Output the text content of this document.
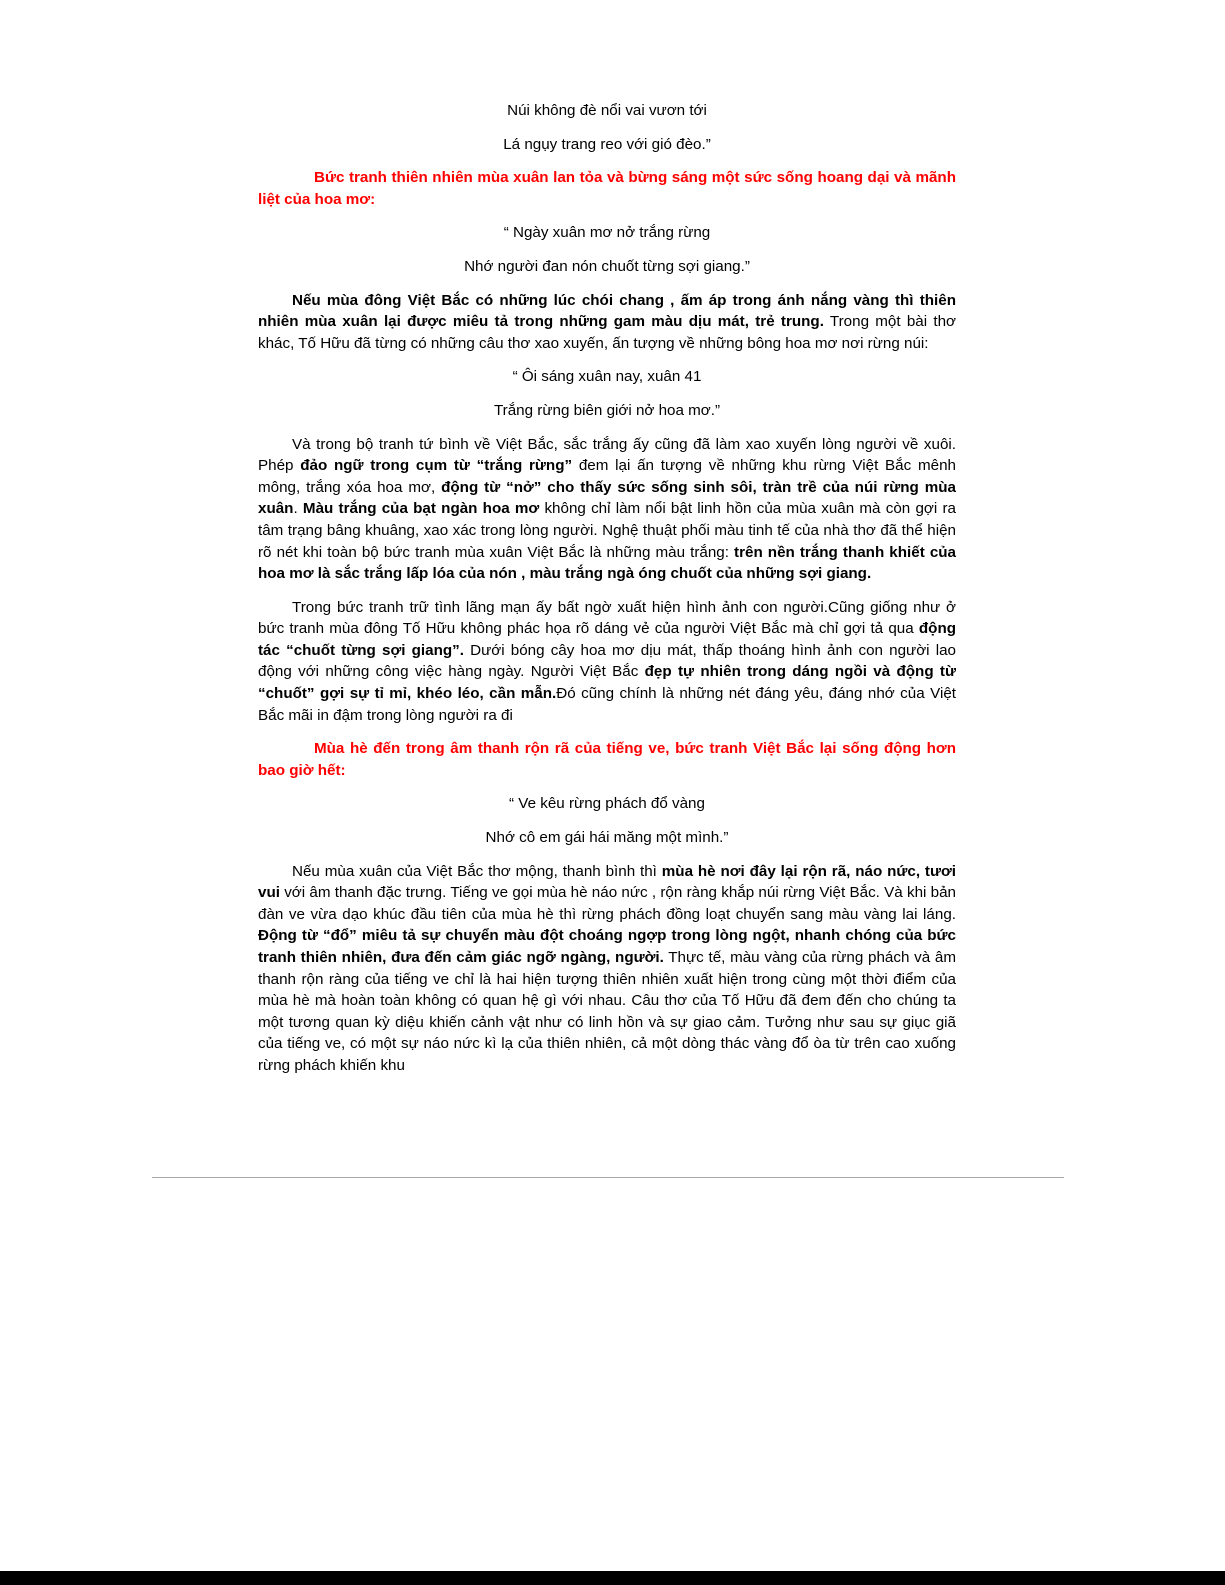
Núi không đè nổi vai vươn tới

Lá ngụy trang reo với gió đèo.”

Bức tranh thiên nhiên mùa xuân lan tỏa và bừng sáng một sức sống hoang dại và mãnh liệt của hoa mơ:

“ Ngày xuân mơ nở trắng rừng

Nhớ người đan nón chuốt từng sợi giang.”

Nếu mùa đông Việt Bắc có những lúc chói chang , ấm áp trong ánh nắng vàng thì thiên nhiên mùa xuân lại được miêu tả trong những gam màu dịu mát, trẻ trung. Trong một bài thơ khác, Tố Hữu đã từng có những câu thơ xao xuyến, ấn tượng về những bông hoa mơ nơi rừng núi:

“ Ôi sáng xuân nay, xuân 41

Trắng rừng biên giới nở hoa mơ.”

Và trong bộ tranh tứ bình về Việt Bắc, sắc trắng ấy cũng đã làm xao xuyến lòng người về xuôi. Phép đảo ngữ trong cụm từ “trắng rừng” đem lại ấn tượng về những khu rừng Việt Bắc mênh mông, trắng xóa hoa mơ, động từ “nở” cho thấy sức sống sinh sôi, tràn trề của núi rừng mùa xuân. Màu trắng của bạt ngàn hoa mơ không chỉ làm nổi bật linh hồn của mùa xuân mà còn gợi ra tâm trạng bâng khuâng, xao xác trong lòng người. Nghệ thuật phối màu tinh tế của nhà thơ đã thể hiện rõ nét khi toàn bộ bức tranh mùa xuân Việt Bắc là những màu trắng: trên nền trắng thanh khiết của hoa mơ là sắc trắng lấp lóa của nón , màu trắng ngà óng chuốt của những sợi giang.

Trong bức tranh trữ tình lãng mạn ấy bất ngờ xuất hiện hình ảnh con người.Cũng giống như ở bức tranh mùa đông Tố Hữu không phác họa rõ dáng vẻ của người Việt Bắc mà chỉ gợi tả qua động tác “chuốt từng sợi giang”. Dưới bóng cây hoa mơ dịu mát, thấp thoáng hình ảnh con người lao động với những công việc hàng ngày. Người Việt Bắc đẹp tự nhiên trong dáng ngồi và động từ “chuốt” gợi sự tỉ mỉ, khéo léo, cần mẫn.Đó cũng chính là những nét đáng yêu, đáng nhớ của Việt Bắc mãi in đậm trong lòng người ra đi

Mùa hè đến trong âm thanh rộn rã của tiếng ve, bức tranh Việt Bắc lại sống động hơn bao giờ hết:

“ Ve kêu rừng phách đổ vàng

Nhớ cô em gái hái măng một mình.”

Nếu mùa xuân của Việt Bắc thơ mộng, thanh bình thì mùa hè nơi đây lại rộn rã, náo nức, tươi vui với âm thanh đặc trưng. Tiếng ve gọi mùa hè náo nức , rộn ràng khắp núi rừng Việt Bắc. Và khi bản đàn ve vừa dạo khúc đầu tiên của mùa hè thì rừng phách đồng loạt chuyển sang màu vàng lai láng. Động từ “đổ” miêu tả sự chuyển màu đột choáng ngợp trong lòng ngột, nhanh chóng của bức tranh thiên nhiên, đưa đến cảm giác ngỡ ngàng, người. Thực tế, màu vàng của rừng phách và âm thanh rộn ràng của tiếng ve chỉ là hai hiện tượng thiên nhiên xuất hiện trong cùng một thời điểm của mùa hè mà hoàn toàn không có quan hệ gì với nhau. Câu thơ của Tố Hữu đã đem đến cho chúng ta một tương quan kỳ diệu khiến cảnh vật như có linh hồn và sự giao cảm. Tưởng như sau sự giục giã của tiếng ve, có một sự náo nức kì lạ của thiên nhiên, cả một dòng thác vàng đổ òa từ trên cao xuống rừng phách khiến khu
